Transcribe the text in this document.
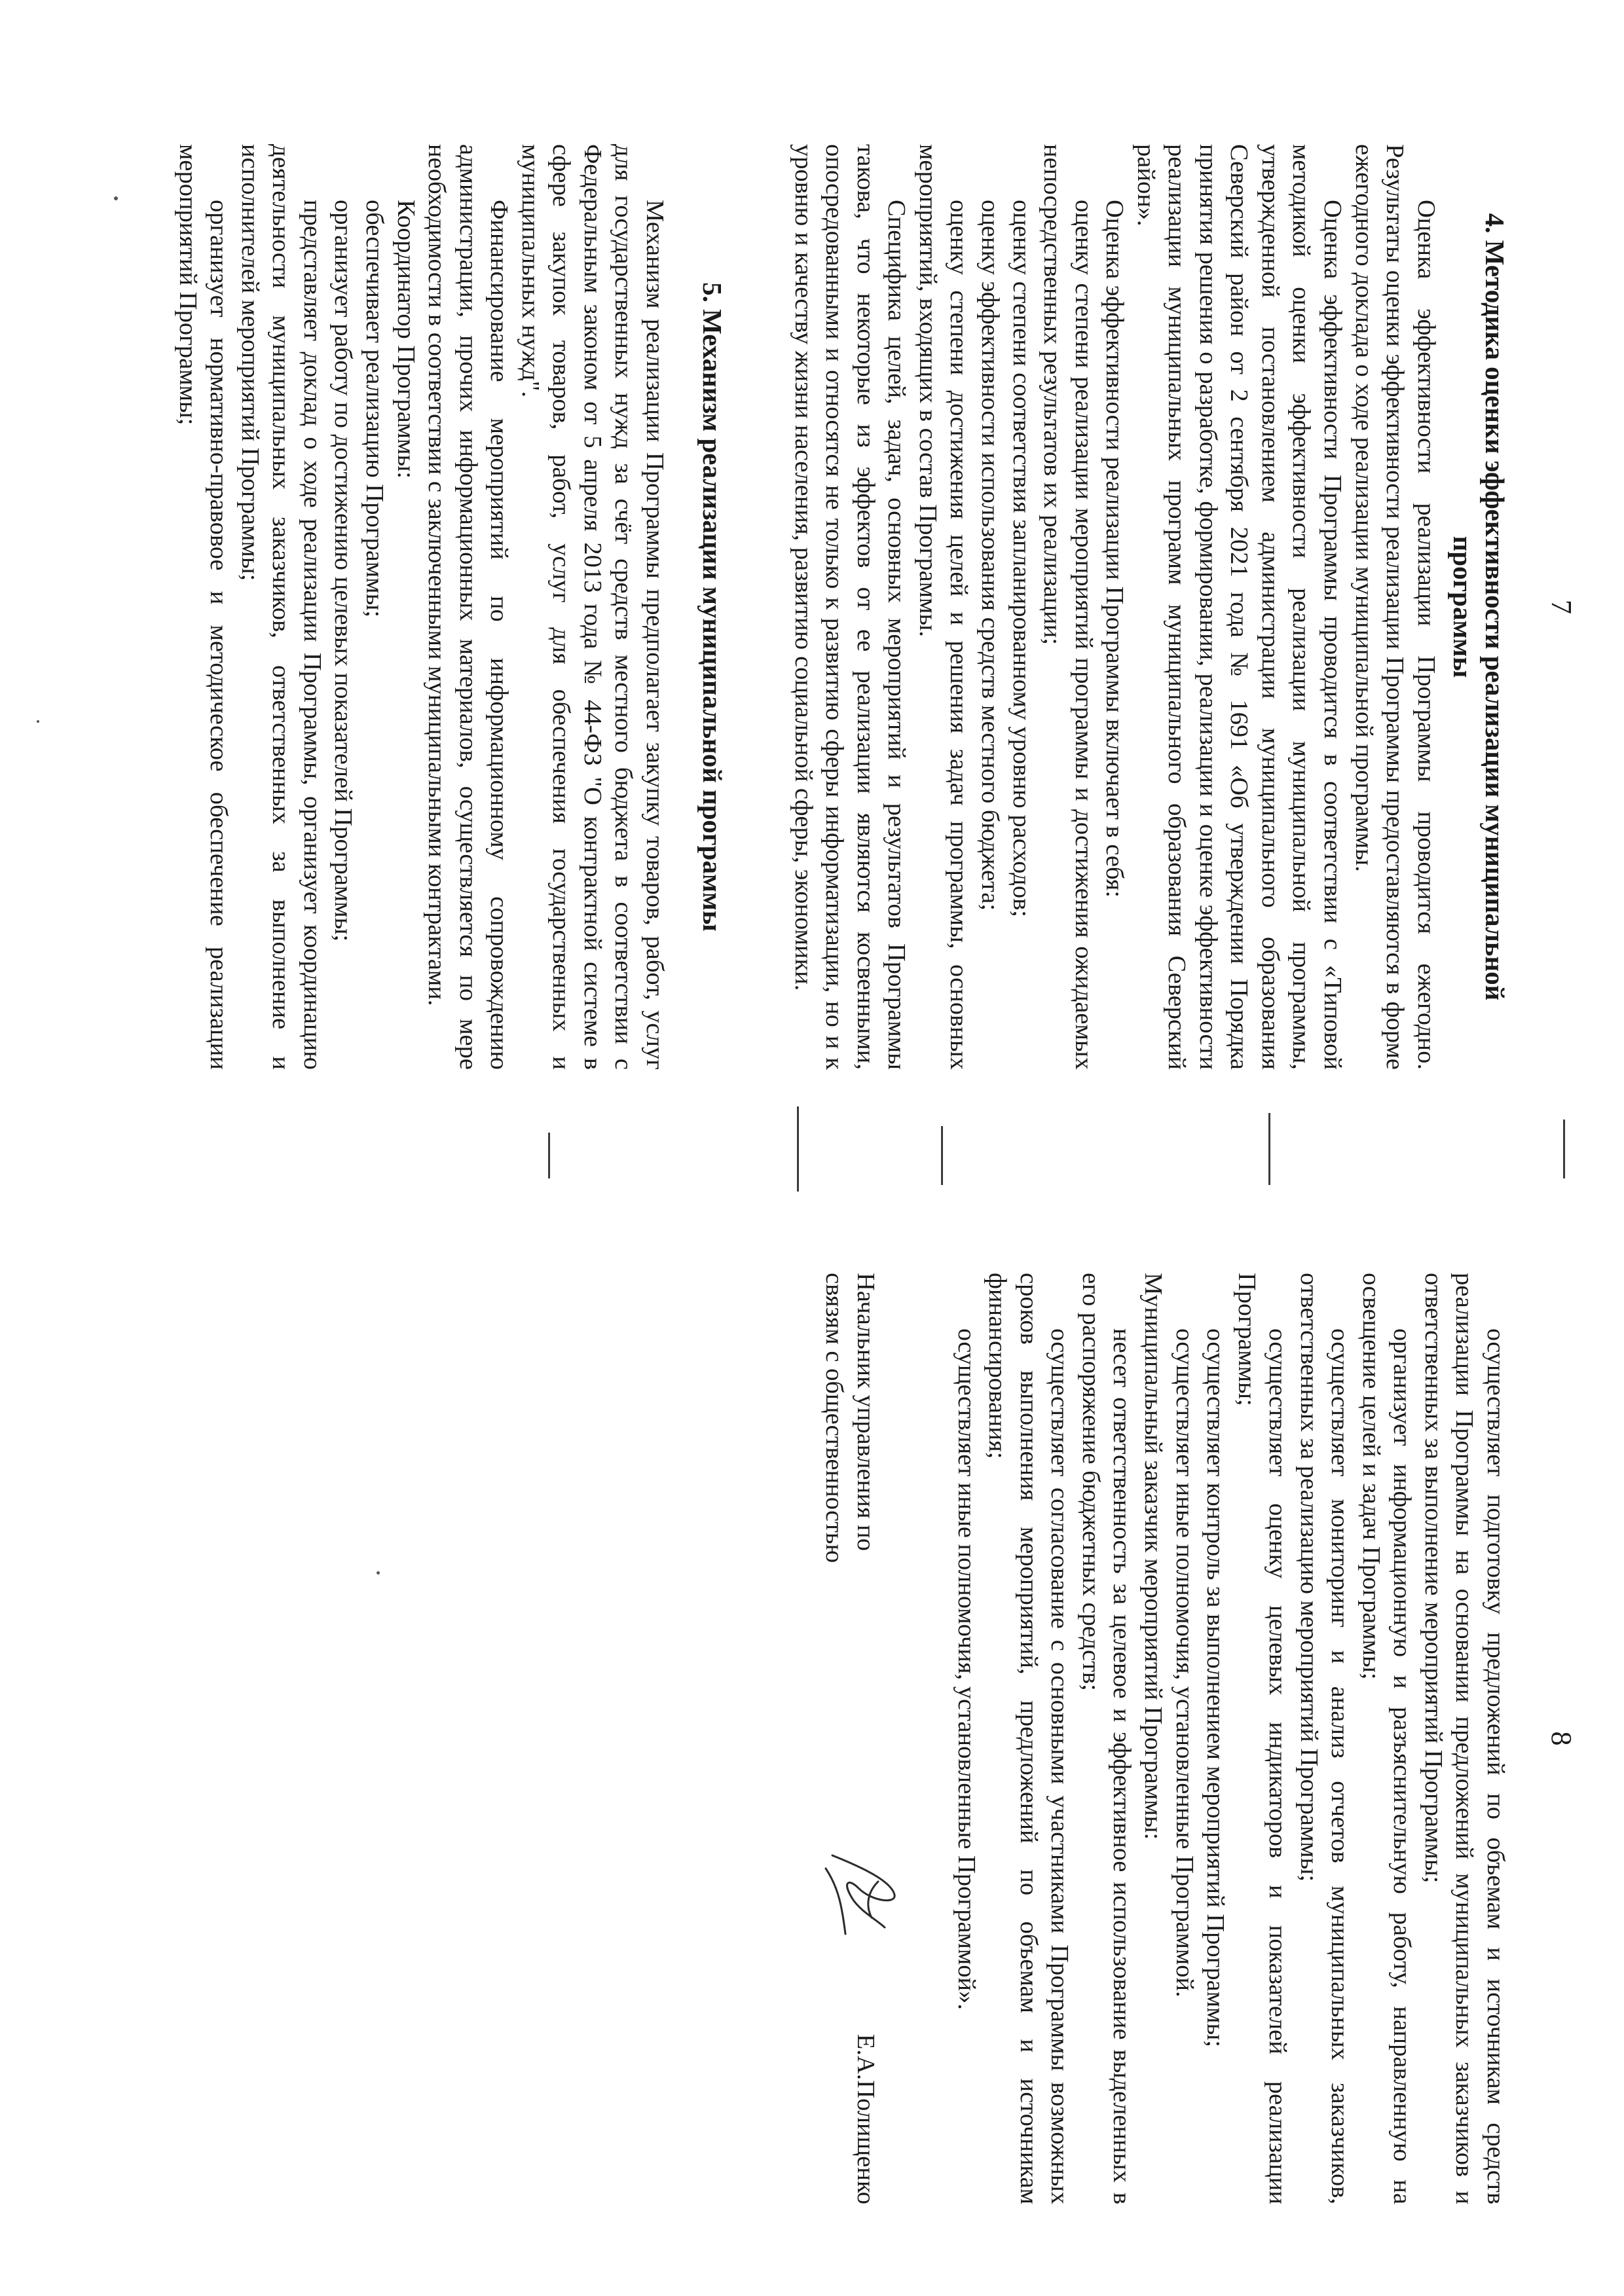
7
4. Методика оценки эффективности реализации муниципальной программы

Оценка эффективности реализации Программы проводится ежегодно. Результаты оценки эффективности реализации Программы предоставляются в форме ежегодного доклада о ходе реализации муниципальной программы.

Оценка эффективности Программы проводится в соответствии с «Типовой методикой оценки эффективности реализации муниципальной программы, утвержденной постановлением администрации муниципального образования Северский район от 2 сентября 2021 года № 1691 «Об утверждении Порядка принятия решения о разработке, формировании, реализации и оценке эффективности реализации муниципальных программ муниципального образования Северский район».

Оценка эффективности реализации Программы включает в себя:

оценку степени реализации мероприятий программы и достижения ожидаемых непосредственных результатов их реализации;

оценку степени соответствия запланированному уровню расходов;

оценку эффективности использования средств местного бюджета;

оценку степени достижения целей и решения задач программы, основных мероприятий, входящих в состав Программы.

Специфика целей, задач, основных мероприятий и результатов Программы такова, что некоторые из эффектов от ее реализации являются косвенными, опосредованными и относятся не только к развитию сферы информатизации, но и к уровню и качеству жизни населения, развитию социальной сферы, экономики.

5. Механизм реализации муниципальной программы

Механизм реализации Программы предполагает закупку товаров, работ, услуг для государственных нужд за счёт средств местного бюджета в соответствии с Федеральным законом от 5 апреля 2013 года № 44-ФЗ "О контрактной системе в сфере закупок товаров, работ, услуг для обеспечения государственных и муниципальных нужд".

Финансирование мероприятий по информационному сопровождению администрации, прочих информационных материалов, осуществляется по мере необходимости в соответствии с заключенными муниципальными контрактами.

Координатор Программы:

обеспечивает реализацию Программы;

организует работу по достижению целевых показателей Программы;

представляет доклад о ходе реализации Программы, организует координацию деятельности муниципальных заказчиков, ответственных за выполнение и исполнителей мероприятий Программы;

организует нормативно-правовое и методическое обеспечение реализации мероприятий Программы;

8

осуществляет подготовку предложений по объемам и источникам средств реализации Программы на основании предложений муниципальных заказчиков и ответственных за выполнение мероприятий Программы;

организует информационную и разъяснительную работу, направленную на освещение целей и задач Программы;

осуществляет мониторинг и анализ отчетов муниципальных заказчиков, ответственных за реализацию мероприятий Программы;

осуществляет оценку целевых индикаторов и показателей реализации Программы;

осуществляет контроль за выполнением мероприятий Программы;

осуществляет иные полномочия, установленные Программой.

Муниципальный заказчик мероприятий Программы:

несет ответственность за целевое и эффективное использование выделенных в его распоряжение бюджетных средств;

осуществляет согласование с основными участниками Программы возможных сроков выполнения мероприятий, предложений по объемам и источникам финансирования;

осуществляет иные полномочия, установленные Программой».

Начальник управления по
связям с общественностью
Е.А.Полищенко
